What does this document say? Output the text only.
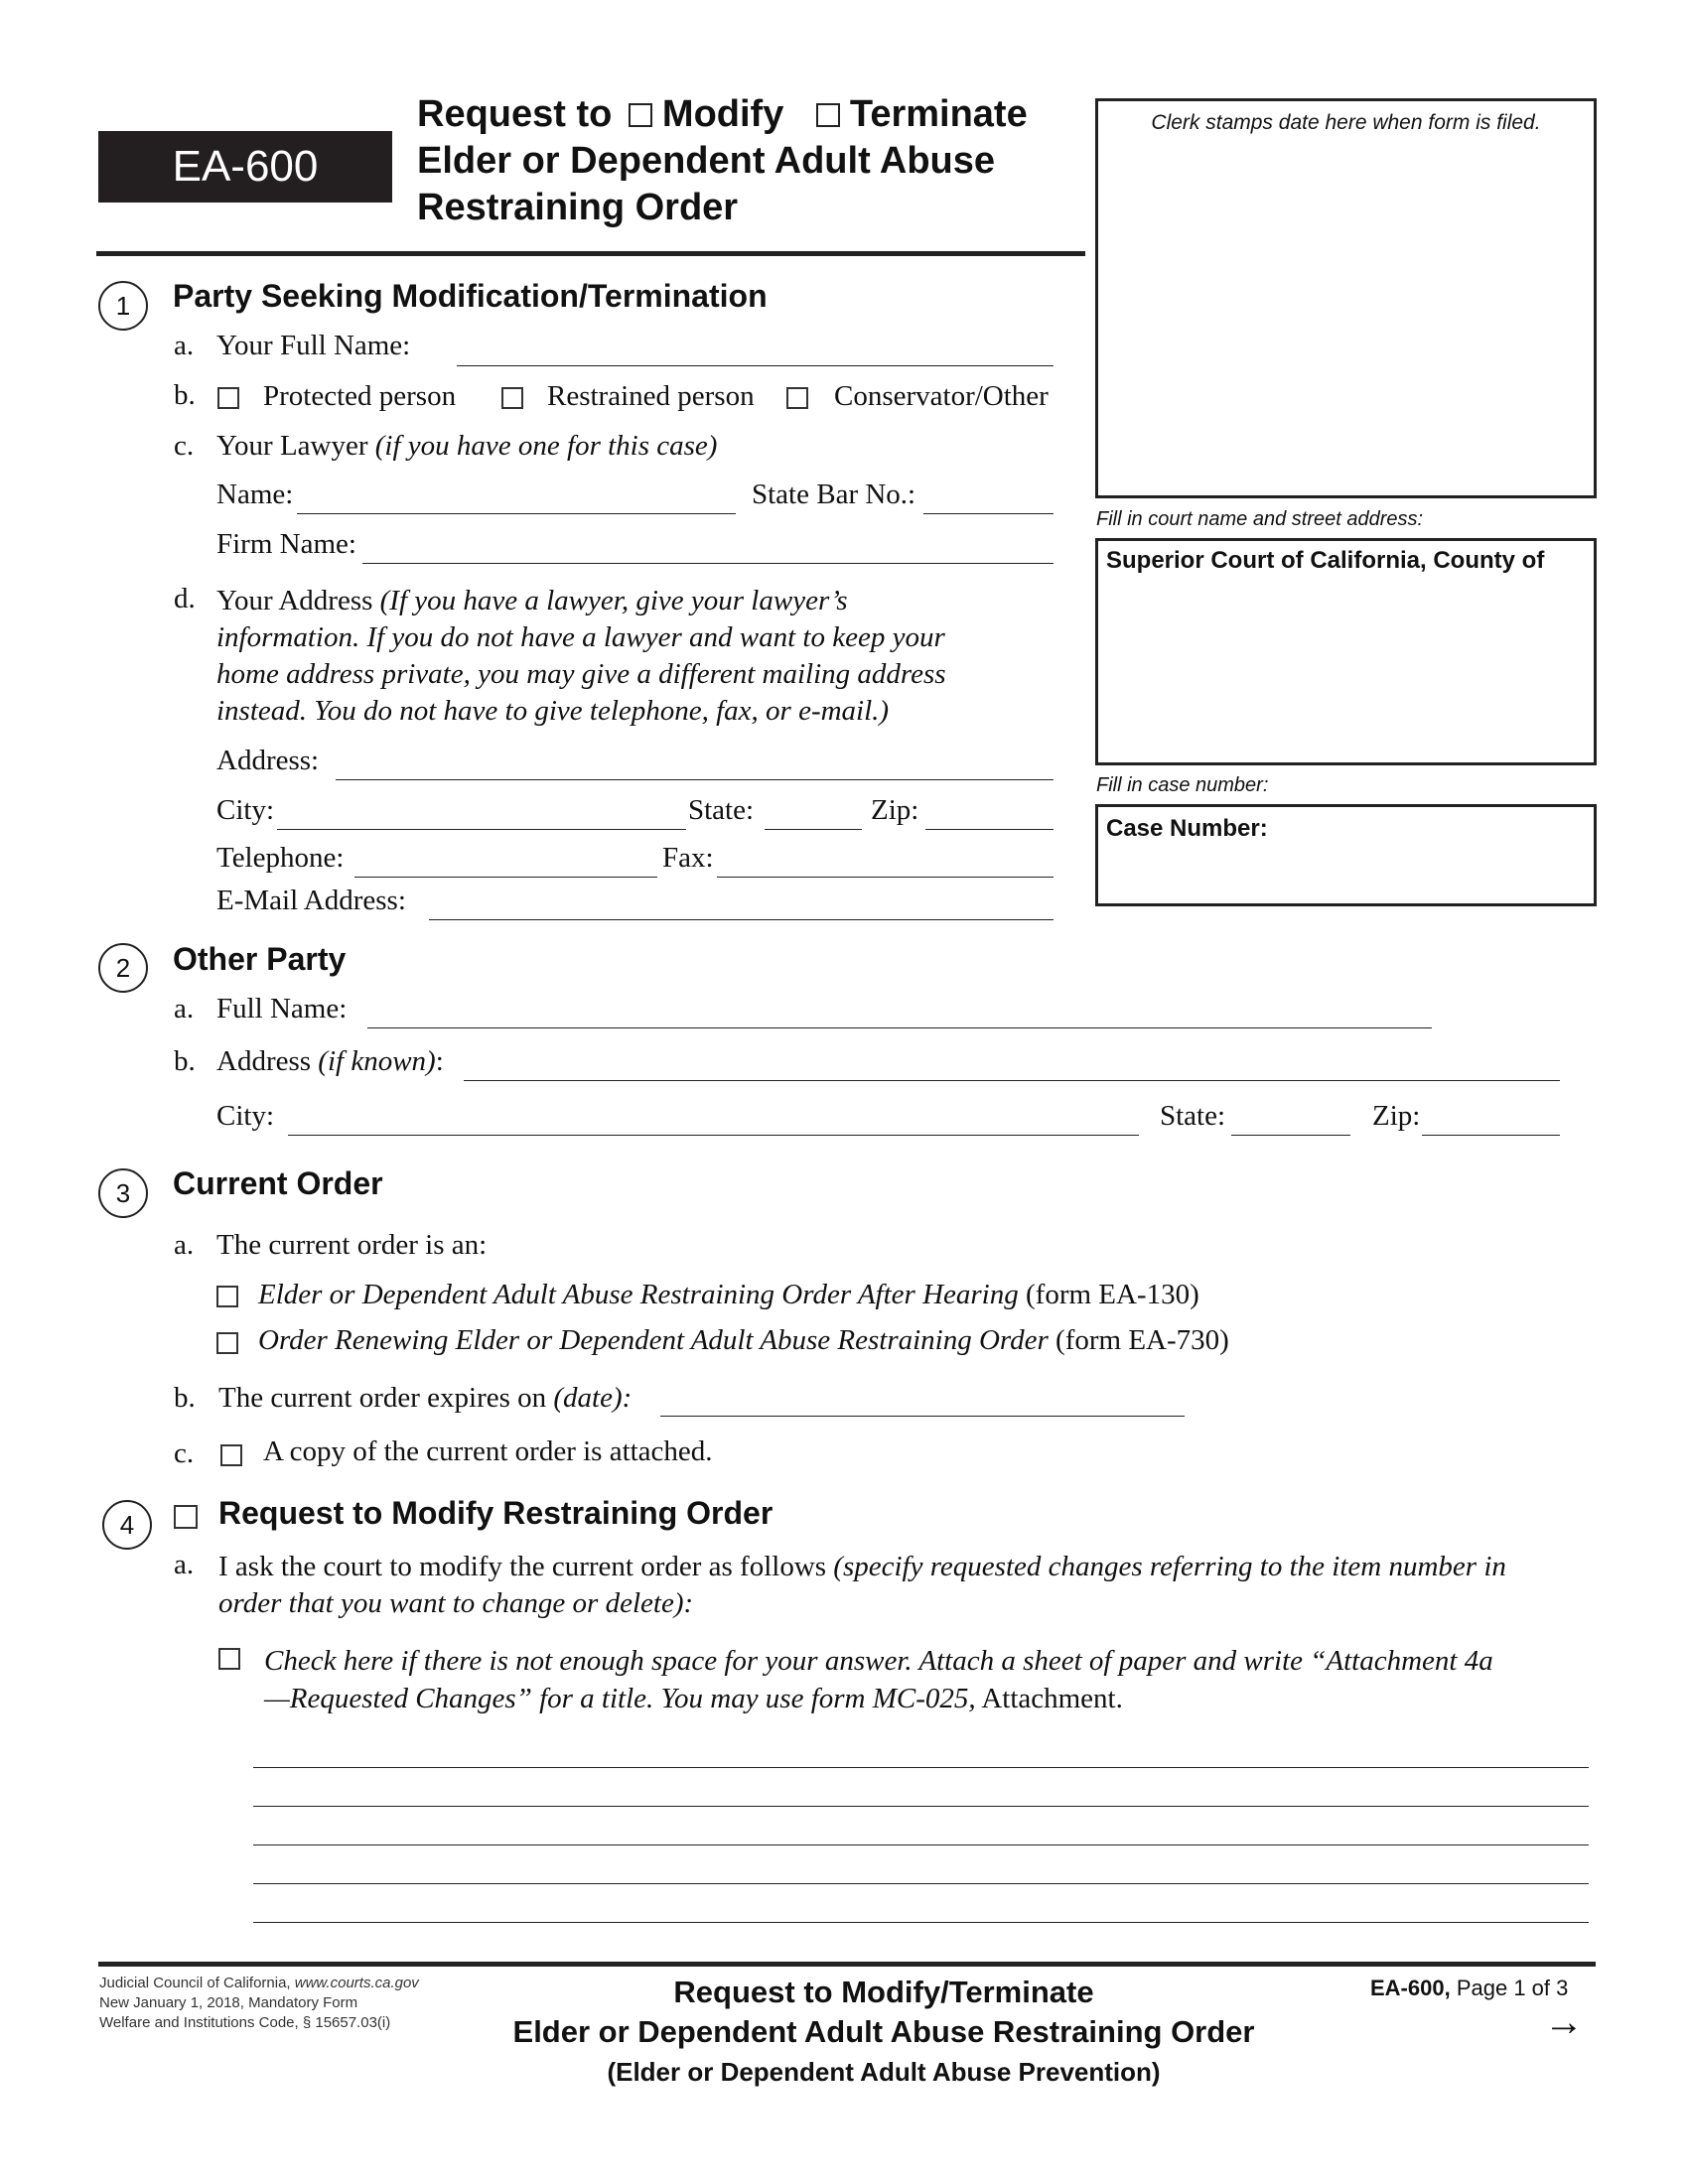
EA-600
Request to Modify Terminate
Elder or Dependent Adult Abuse
Restraining Order
Clerk stamps date here when form is filed.
Fill in court name and street address:
Superior Court of California, County of
Fill in case number:
Case Number:
1	Party Seeking Modification/Termination
a. Your Full Name:
b. Protected person	Restrained person	Conservator/Other
c. Your Lawyer (if you have one for this case)
Name:	State Bar No.:
Firm Name:
d. Your Address (If you have a lawyer, give your lawyer’s
information. If you do not have a lawyer and want to keep your
home address private, you may give a different mailing address
instead. You do not have to give telephone, fax, or e-mail.)
Address:
City:	State:	Zip:
Telephone:	Fax:
E-Mail Address:
2	Other Party
a. Full Name:
b. Address (if known):
City:	State:	Zip:
3	Current Order
a. The current order is an:
Elder or Dependent Adult Abuse Restraining Order After Hearing (form EA-130)
Order Renewing Elder or Dependent Adult Abuse Restraining Order (form EA-730)
b. The current order expires on (date):
c. A copy of the current order is attached.
4	Request to Modify Restraining Order
a. I ask the court to modify the current order as follows (specify requested changes referring to the item number in
order that you want to change or delete):
Check here if there is not enough space for your answer. Attach a sheet of paper and write “Attachment 4a
—Requested Changes” for a title. You may use form MC-025, Attachment.
Judicial Council of California, www.courts.ca.gov
New January 1, 2018, Mandatory Form
Welfare and Institutions Code, § 15657.03(i)
Request to Modify/Terminate
Elder or Dependent Adult Abuse Restraining Order
(Elder or Dependent Adult Abuse Prevention)
EA-600, Page 1 of 3
→
